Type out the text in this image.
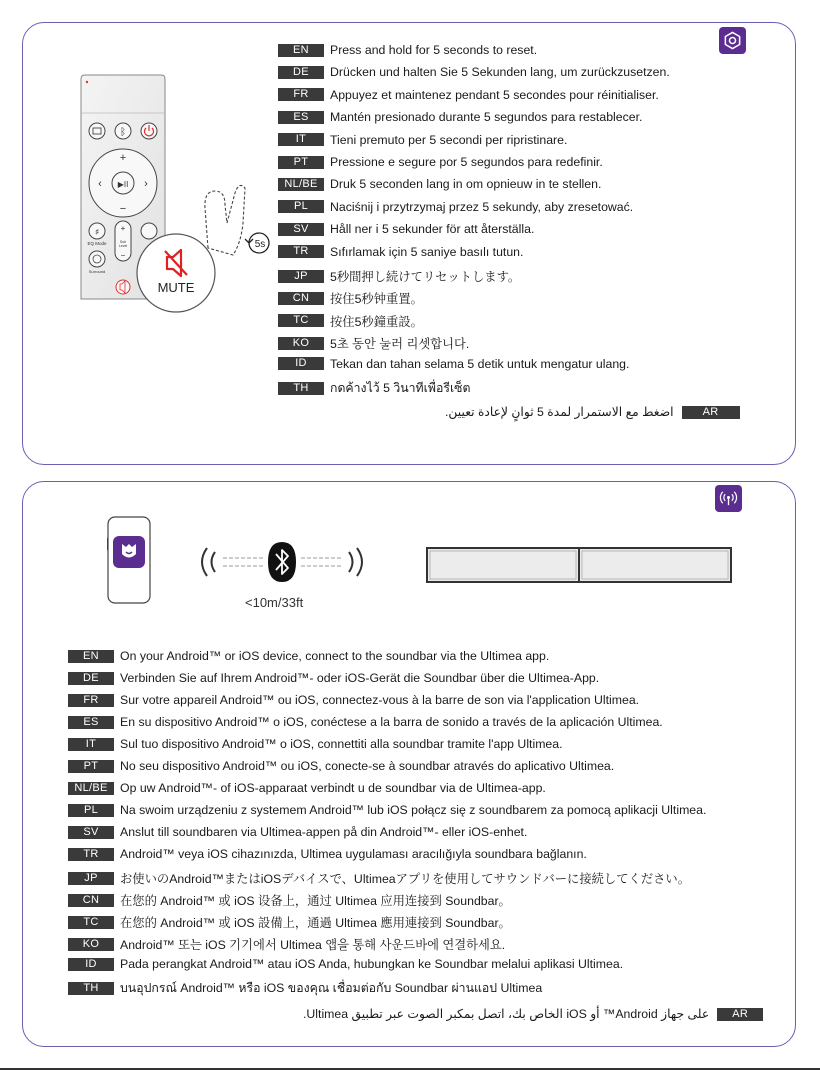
ᛒ
▶II
+
−
‹	›
♯
EQ Mode
+
−
Sub
Level
Surround
MUTE
5s
EN	Press and hold for 5 seconds to reset.
DE	Drücken und halten Sie 5 Sekunden lang, um zurückzusetzen.
FR	Appuyez et maintenez pendant 5 secondes pour réinitialiser.
ES	Mantén presionado durante 5 segundos para restablecer.
IT	Tieni premuto per 5 secondi per ripristinare.
PT	Pressione e segure por 5 segundos para redefinir.
NL/BE	Druk 5 seconden lang in om opnieuw in te stellen.
PL	Naciśnij i przytrzymaj przez 5 sekundy, aby zresetować.
SV	Håll ner i 5 sekunder för att återställa.
TR	Sıfırlamak için 5 saniye basılı tutun.
JP	5秒間押し続けてリセットします。
CN	按住5秒钟重置。
TC	按住5秒鐘重設。
KO	5초 동안 눌러 리셋합니다.
ID	Tekan dan tahan selama 5 detik untuk mengatur ulang.
TH	กดค้างไว้ 5 วินาทีเพื่อรีเซ็ต
اضغط مع الاستمرار لمدة 5 ثوانٍ لإعادة تعيين.	AR
<10m/33ft
EN	On your Android™ or iOS device, connect to the soundbar via the Ultimea app.
DE	Verbinden Sie auf Ihrem Android™- oder iOS-Gerät die Soundbar über die Ultimea-App.
FR	Sur votre appareil Android™ ou iOS, connectez-vous à la barre de son via l'application Ultimea.
ES	En su dispositivo Android™ o iOS, conéctese a la barra de sonido a través de la aplicación Ultimea.
IT	Sul tuo dispositivo Android™ o iOS, connettiti alla soundbar tramite l'app Ultimea.
PT	No seu dispositivo Android™ ou iOS, conecte-se à soundbar através do aplicativo Ultimea.
NL/BE	Op uw Android™- of iOS-apparaat verbindt u de soundbar via de Ultimea-app.
PL	Na swoim urządzeniu z systemem Android™ lub iOS połącz się z soundbarem za pomocą aplikacji Ultimea.
SV	Anslut till soundbaren via Ultimea-appen på din Android™- eller iOS-enhet.
TR	Android™ veya iOS cihazınızda, Ultimea uygulaması aracılığıyla soundbara bağlanın.
JP	お使いのAndroid™またはiOSデバイスで、Ultimeaアプリを使用してサウンドバーに接続してください。
CN	在您的 Android™ 或 iOS 设备上，通过 Ultimea 应用连接到 Soundbar。
TC	在您的 Android™ 或 iOS 設備上，通過 Ultimea 應用連接到 Soundbar。
KO	Android™ 또는 iOS 기기에서 Ultimea 앱을 통해 사운드바에 연결하세요.
ID	Pada perangkat Android™ atau iOS Anda, hubungkan ke Soundbar melalui aplikasi Ultimea.
TH	บนอุปกรณ์ Android™ หรือ iOS ของคุณ เชื่อมต่อกับ Soundbar ผ่านแอป Ultimea
على جهاز Android™ أو iOS الخاص بك، اتصل بمكبر الصوت عبر تطبيق Ultimea.	AR
